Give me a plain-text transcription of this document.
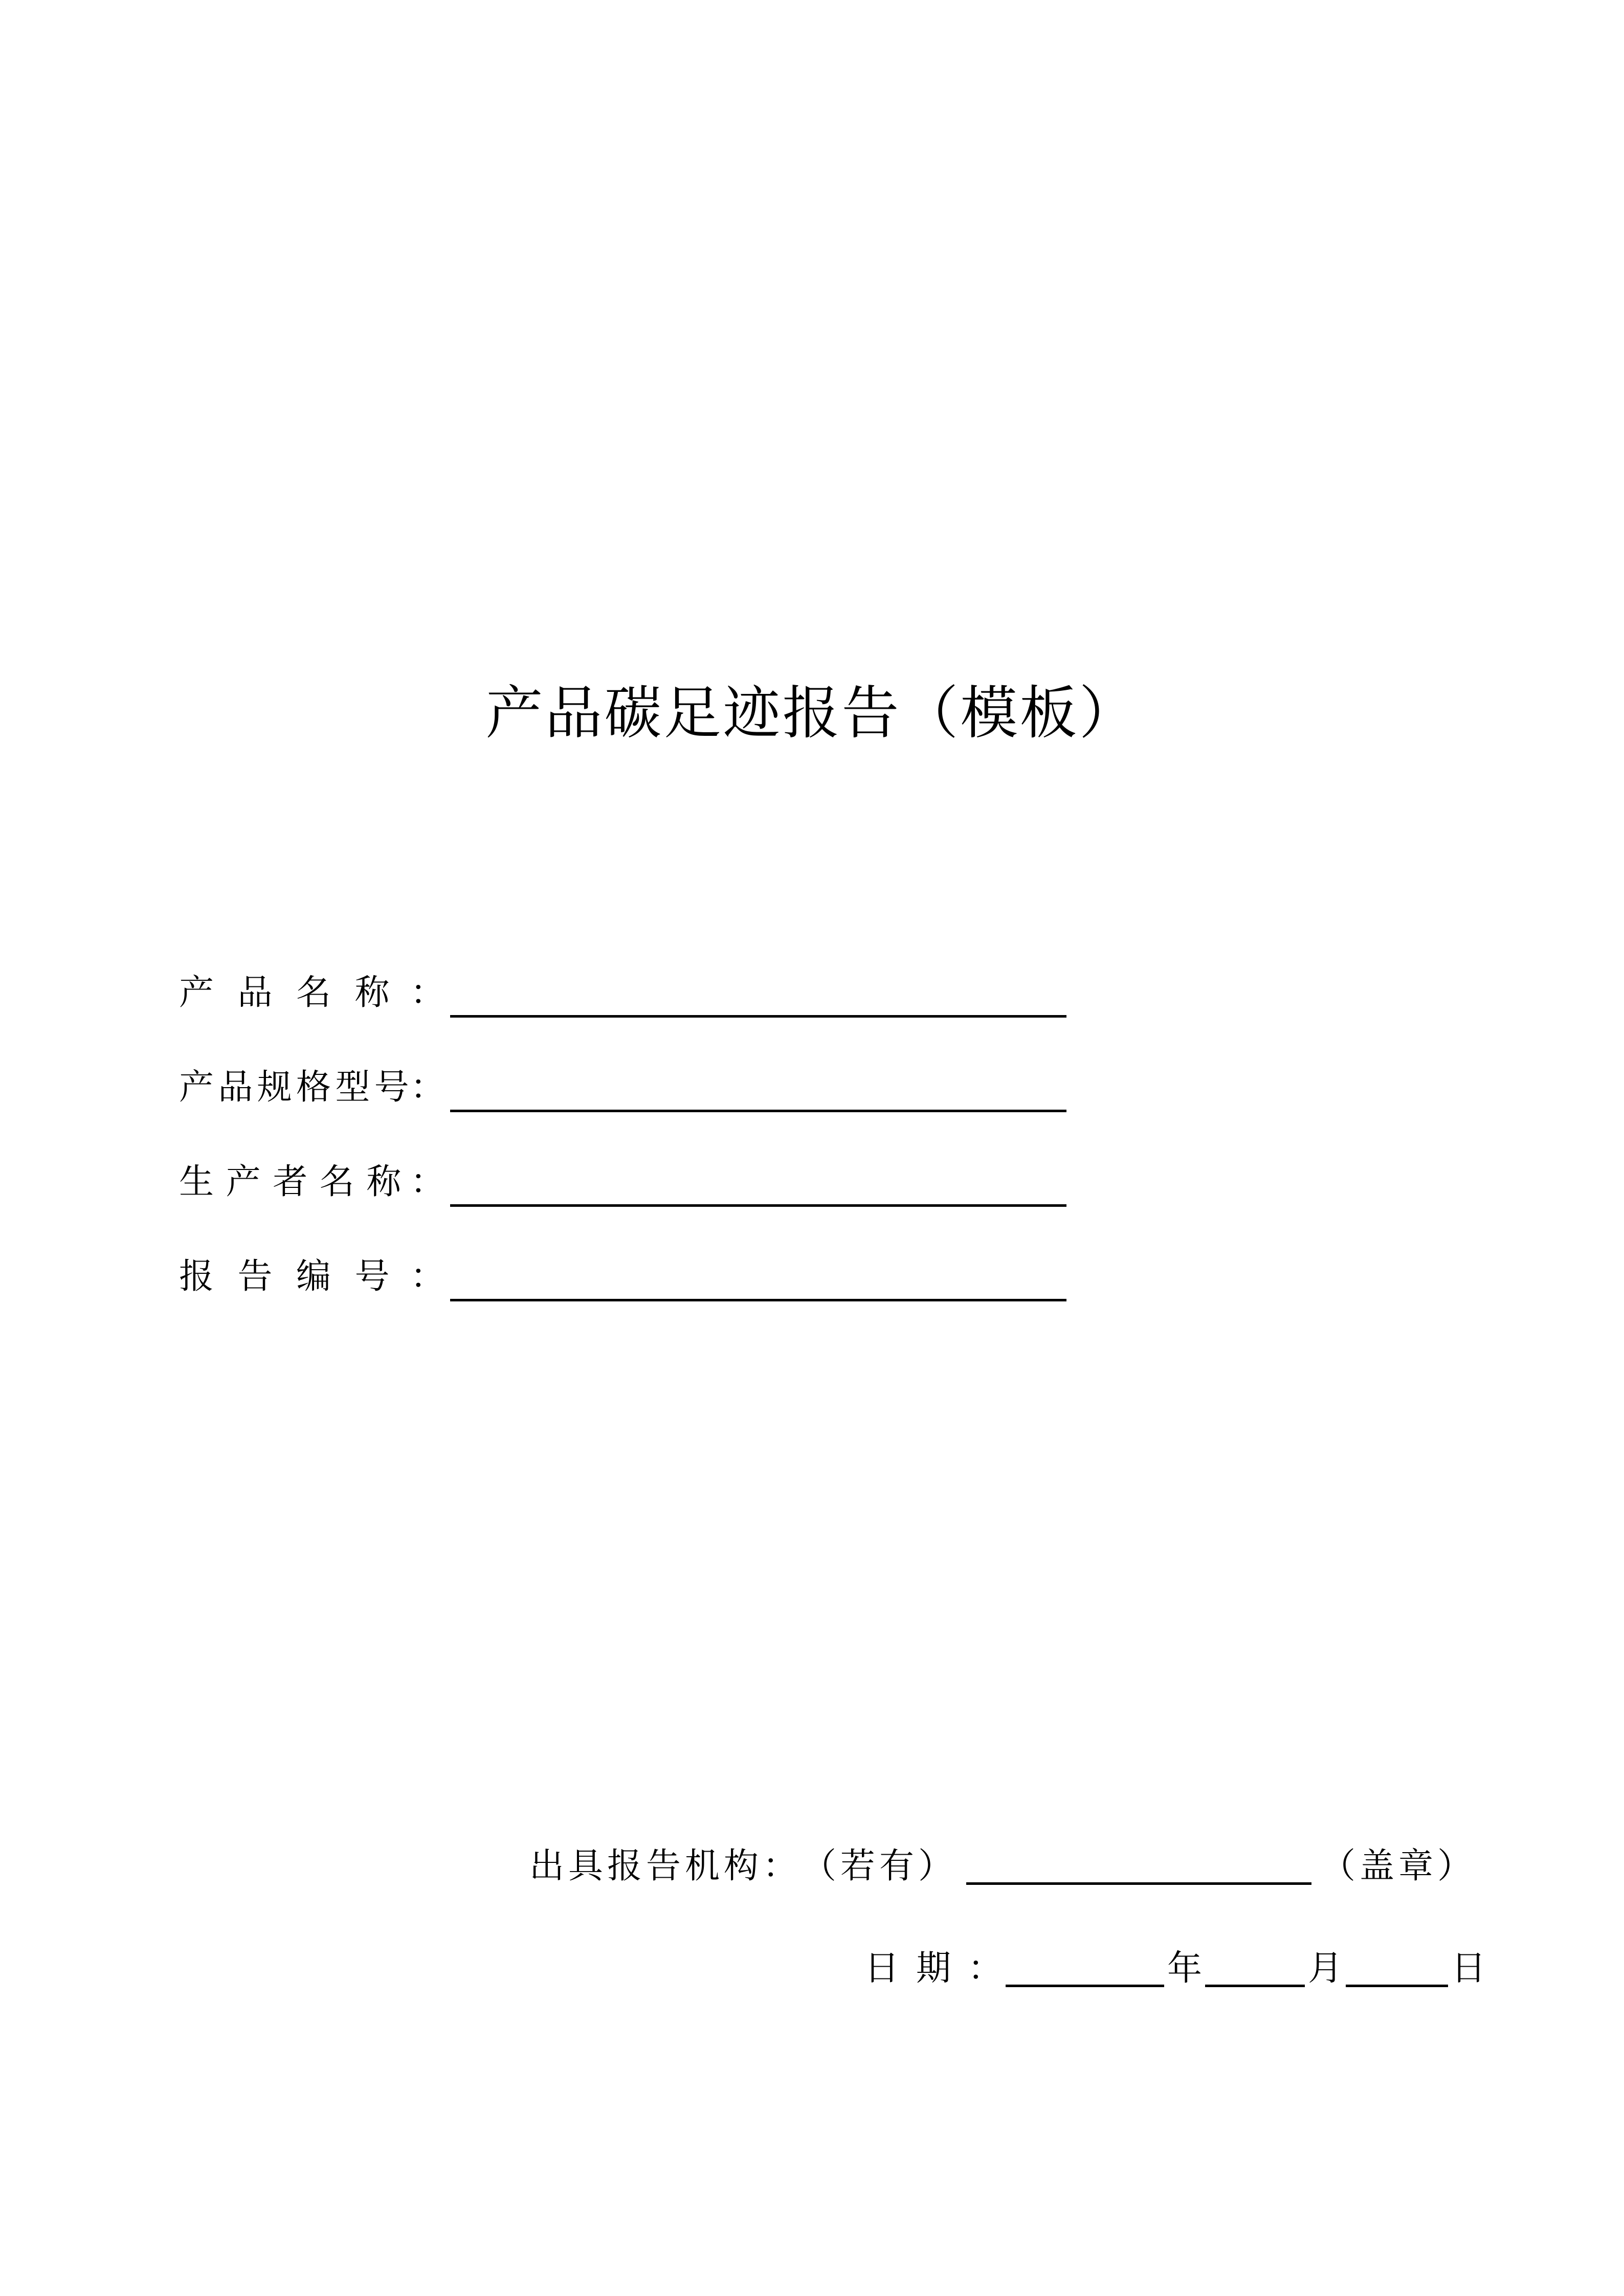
产品碳足迹报告（模板）
产 品 名 称 ：
产 品 规 格 型 号 ：
生 产 者 名 称 ：
报 告 编 号 ：
出具报告机构： （若有）	（盖章）
日 期 ：	年	月	日
